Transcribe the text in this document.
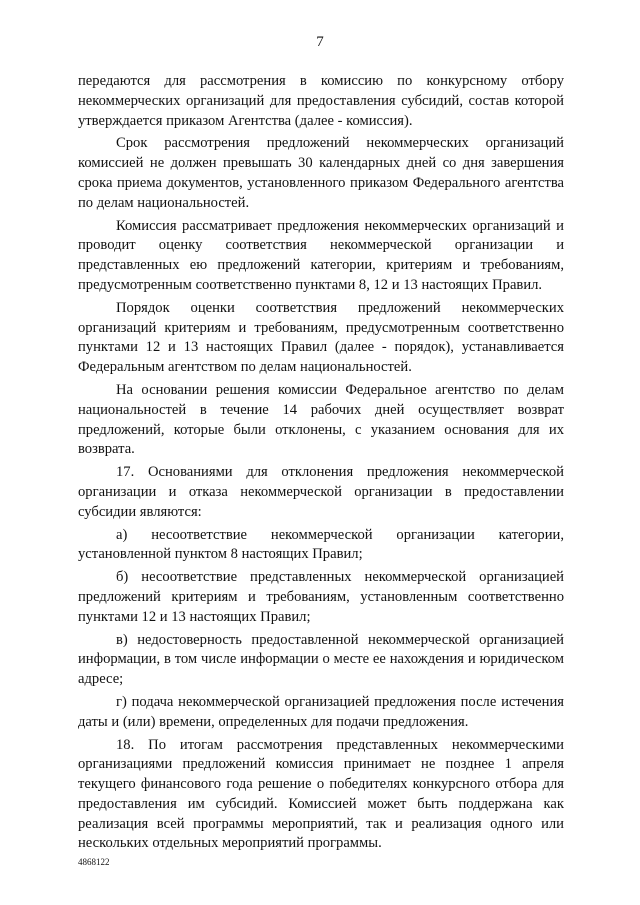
7

передаются для рассмотрения в комиссию по конкурсному отбору некоммерческих организаций для предоставления субсидий, состав которой утверждается приказом Агентства (далее - комиссия).

Срок рассмотрения предложений некоммерческих организаций комиссией не должен превышать 30 календарных дней со дня завершения срока приема документов, установленного приказом Федерального агентства по делам национальностей.

Комиссия рассматривает предложения некоммерческих организаций и проводит оценку соответствия некоммерческой организации и представленных ею предложений категории, критериям и требованиям, предусмотренным соответственно пунктами 8, 12 и 13 настоящих Правил.

Порядок оценки соответствия предложений некоммерческих организаций критериям и требованиям, предусмотренным соответственно пунктами 12 и 13 настоящих Правил (далее - порядок), устанавливается Федеральным агентством по делам национальностей.

На основании решения комиссии Федеральное агентство по делам национальностей в течение 14 рабочих дней осуществляет возврат предложений, которые были отклонены, с указанием основания для их возврата.

17. Основаниями для отклонения предложения некоммерческой организации и отказа некоммерческой организации в предоставлении субсидии являются:

а) несоответствие некоммерческой организации категории, установленной пунктом 8 настоящих Правил;

б) несоответствие представленных некоммерческой организацией предложений критериям и требованиям, установленным соответственно пунктами 12 и 13 настоящих Правил;

в) недостоверность предоставленной некоммерческой организацией информации, в том числе информации о месте ее нахождения и юридическом адресе;

г) подача некоммерческой организацией предложения после истечения даты и (или) времени, определенных для подачи предложения.

18. По итогам рассмотрения представленных некоммерческими организациями предложений комиссия принимает не позднее 1 апреля текущего финансового года решение о победителях конкурсного отбора для предоставления им субсидий. Комиссией может быть поддержана как реализация всей программы мероприятий, так и реализация одного или нескольких отдельных мероприятий программы.

4868122
